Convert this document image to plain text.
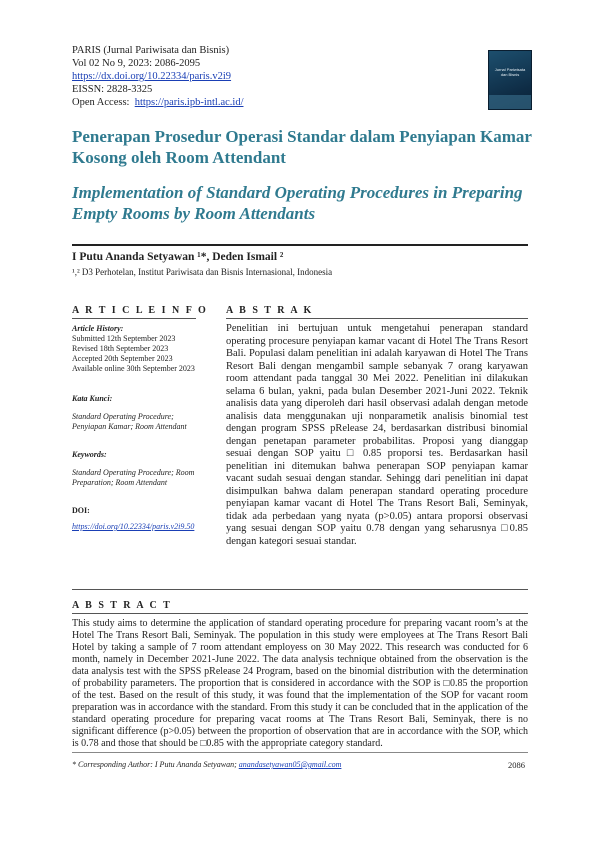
PARIS (Jurnal Pariwisata dan Bisnis)
Vol 02 No 9, 2023: 2086-2095
https://dx.doi.org/10.22334/paris.v2i9
EISSN: 2828-3325
Open Access: https://paris.ipb-intl.ac.id/
Jurnal Pariwisata dan Bisnis
Penerapan Prosedur Operasi Standar dalam Penyiapan Kamar Kosong oleh Room Attendant
Implementation of Standard Operating Procedures in Preparing Empty Rooms by Room Attendants
I Putu Ananda Setyawan ¹*, Deden Ismail ²
¹,² D3 Perhotelan, Institut Pariwisata dan Bisnis Internasional, Indonesia
A R T I C L E I N F O A B S T R A K
Article History:
Submitted 12th September 2023
Revised 18th September 2023
Accepted 20th September 2023
Available online 30th September 2023
Kata Kunci:
Standard Operating Procedure; Penyiapan Kamar; Room Attendant
Keywords:
Standard Operating Procedure; Room Preparation; Room Attendant
DOI:
https://doi.org/10.22334/paris.v2i9.50
Penelitian ini bertujuan untuk mengetahui penerapan standard operating procesure penyiapan kamar vacant di Hotel The Trans Resort Bali. Populasi dalam penelitian ini adalah karyawan di Hotel The Trans Resort Bali dengan mengambil sample sebanyak 7 orang karyawan room attendant pada tanggal 30 Mei 2022. Penelitian ini dilakukan selama 6 bulan, yakni, pada bulan Desember 2021-Juni 2022. Teknik analisis data yang diperoleh dari hasil observasi adalah dengan metode analisis data menggunakan uji nonparametik analisis binomial test dengan program SPSS pRelease 24, berdasarkan distribusi binomial dengan penetapan parameter probabilitas. Proposi yang dianggap sesuai dengan SOP yaitu □ 0.85 proporsi tes. Berdasarkan hasil penelitian ini ditemukan bahwa penerapan SOP penyiapan kamar vacant sudah sesuai dengan standar. Sehingg dari penelitian ini dapat disimpulkan bahwa dalam penerapan standard operating procedure penyiapan kamar vacant di Hotel The Trans Resort Bali, Seminyak, tidak ada perbedaan yang nyata (p>0.05) antara proporsi observasi yang sesuai dengan SOP yaitu 0.78 dengan yang seharusnya □0.85 dengan kategori sesuai standar.
A B S T R A C T
This study aims to determine the application of standard operating procedure for preparing vacant room’s at the Hotel The Trans Resort Bali, Seminyak. The population in this study were employees at The Trans Resort Bali Hotel by taking a sample of 7 room attendant employess on 30 May 2022. This research was conducted for 6 month, namely in December 2021-June 2022. The data analysis technique obtained from the observation is the data analysis test with the SPSS pRelease 24 Program, based on the binomial distribution with the determination of probability parameters. The proportion that is considered in accordance with the SOP is □0.85 the proportion of the test. Based on the result of this study, it was found that the implementation of the SOP for vacant room preparation was in accordance with the standard. From this study it can be concluded that in the application of the standard operating procedure for preparing vacat rooms at The Trans Resort Bali, Seminyak, there is no significant difference (p>0.05) between the proportion of observation that are in accordance with the SOP, which is 0.78 and those that should be □0.85 with the appropriate category standard.
* Corresponding Author: I Putu Ananda Setyawan; anandasetyawan05@gmail.com	2086
